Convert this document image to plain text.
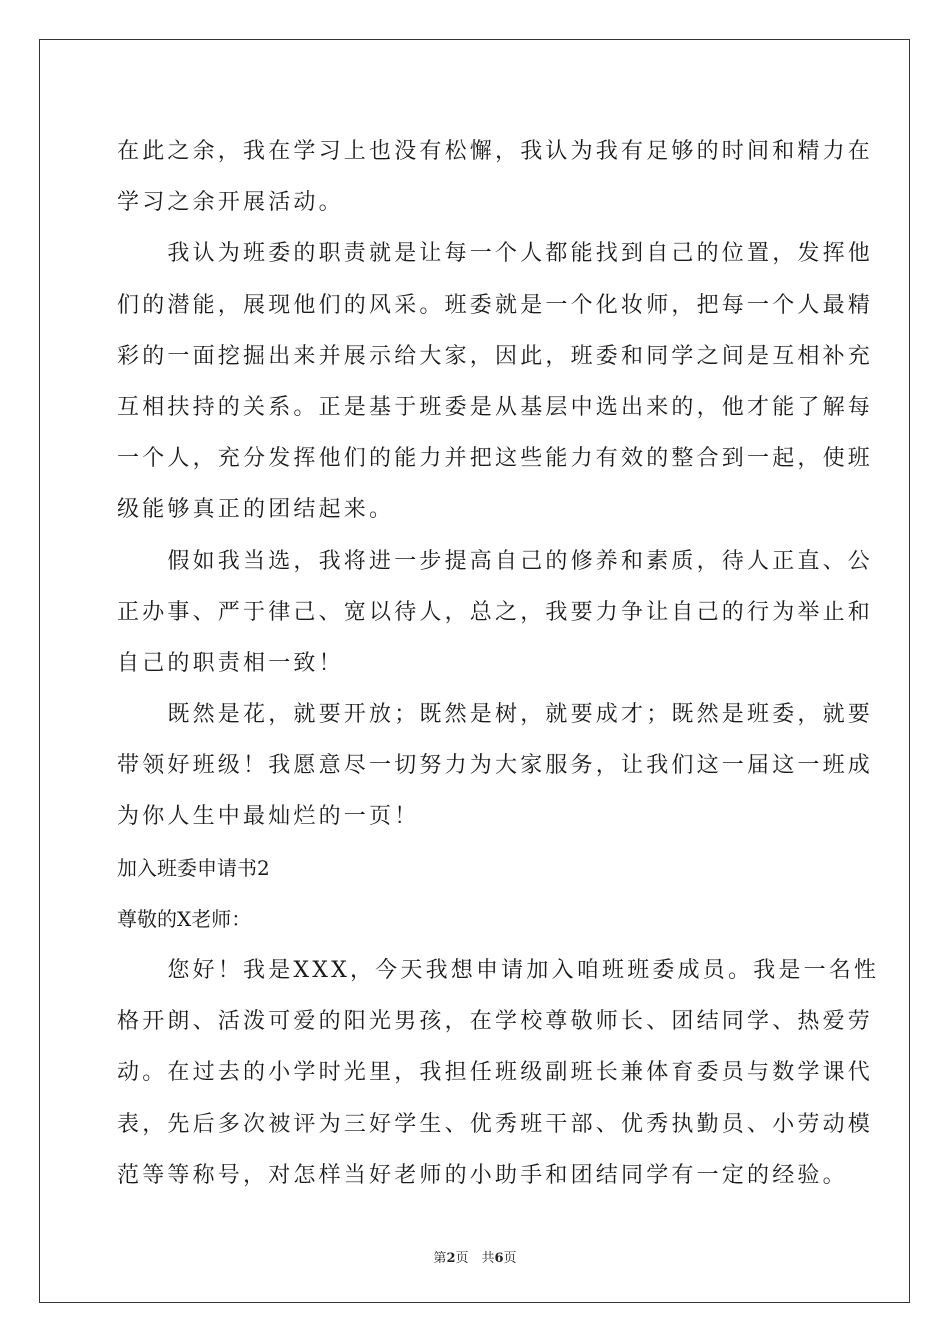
在此之余，我在学习上也没有松懈，我认为我有足够的时间和精力在
学习之余开展活动。
　　我认为班委的职责就是让每一个人都能找到自己的位置，发挥他
们的潜能，展现他们的风采。班委就是一个化妆师，把每一个人最精
彩的一面挖掘出来并展示给大家，因此，班委和同学之间是互相补充
互相扶持的关系。正是基于班委是从基层中选出来的，他才能了解每
一个人，充分发挥他们的能力并把这些能力有效的整合到一起，使班
级能够真正的团结起来。
　　假如我当选，我将进一步提高自己的修养和素质，待人正直、公
正办事、严于律己、宽以待人，总之，我要力争让自己的行为举止和
自己的职责相一致！
　　既然是花，就要开放；既然是树，就要成才；既然是班委，就要
带领好班级！我愿意尽一切努力为大家服务，让我们这一届这一班成
为你人生中最灿烂的一页！
加入班委申请书2
尊敬的X老师：
　　您好！我是XXX，今天我想申请加入咱班班委成员。我是一名性
格开朗、活泼可爱的阳光男孩，在学校尊敬师长、团结同学、热爱劳
动。在过去的小学时光里，我担任班级副班长兼体育委员与数学课代
表，先后多次被评为三好学生、优秀班干部、优秀执勤员、小劳动模
范等等称号，对怎样当好老师的小助手和团结同学有一定的经验。
第2页　共6页
